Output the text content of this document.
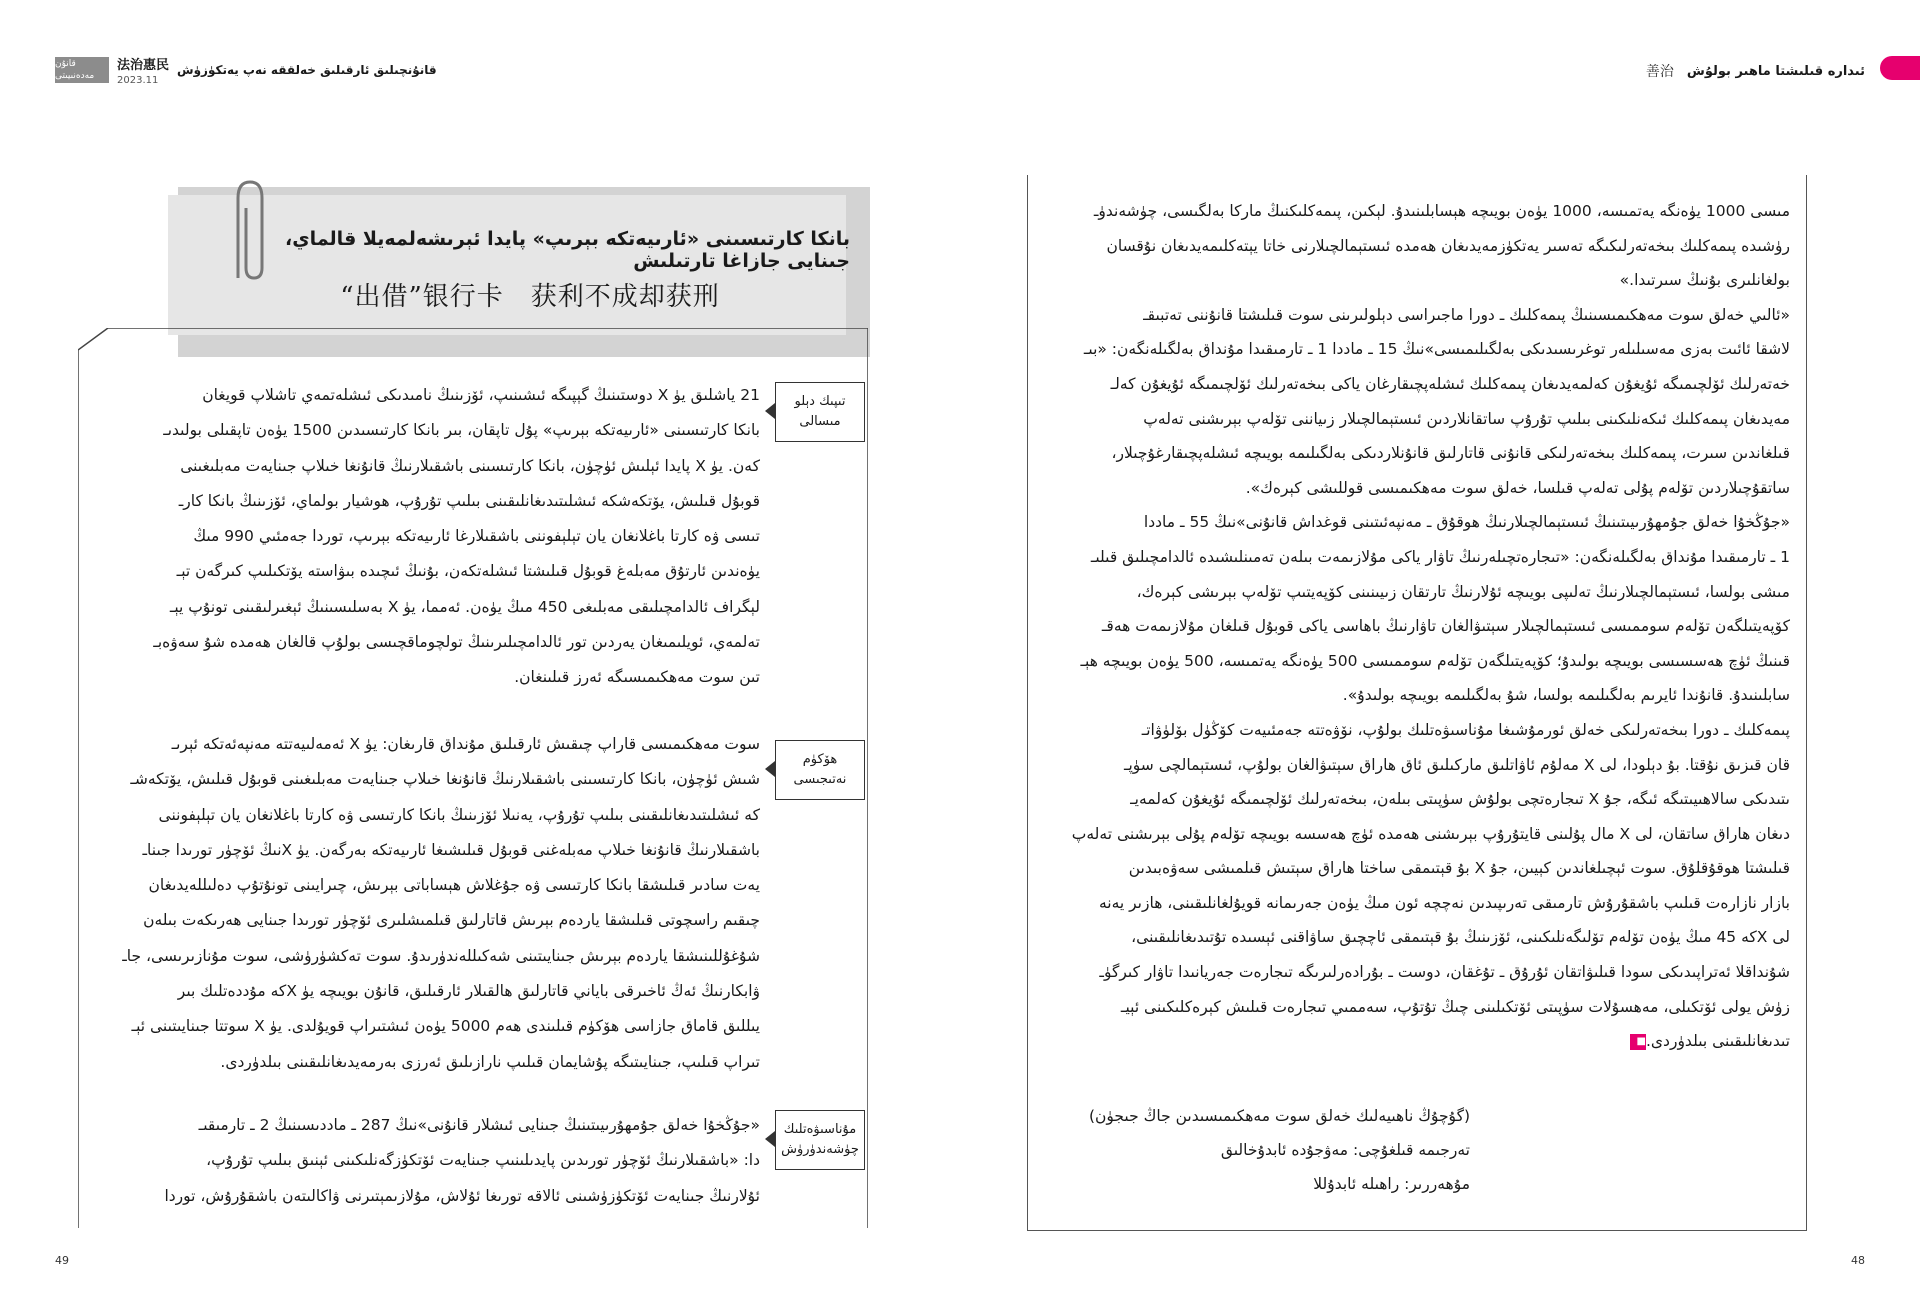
قانۇن مەدەنىيىتى
法治惠民
2023.11
قانۇنچىلىق ئارقىلىق خەلققە نەپ يەتكۈزۈش	善治 ئىدارە قىلىشتا ماھىر بولۇش
بانكا كارتىسىنى «ئارىيەتكە بېرىپ» پايدا ئېرىشەلمەيلا قالماي، جىنايى جازاغا تارتىلىش
“出借”银行卡　获利不成却获刑
تىپىك دېلو مىسالى
ھۆكۈم نەتىجىسى
مۇناسىۋەتلىك چۈشەندۈرۈش
21 ياشلىق يۈ X دوستىنىڭ گېپىگە ئىشىنىپ، ئۆزىنىڭ نامىدىكى ئىشلەتمەي تاشلاپ قويغان
بانكا كارتىسىنى «ئارىيەتكە بېرىپ» پۇل تاپقان، بىر بانكا كارتىسىدىن 1500 يۈەن تاپقىلى بولىدىـ
كەن. يۈ X پايدا ئېلىش ئۈچۈن، بانكا كارتىسىنى باشقىلارنىڭ قانۇنغا خىلاپ جىنايەت مەبلىغىنى
قوبۇل قىلىش، يۆتكەشكە ئىشلىتىدىغانلىقىنى بىلىپ تۇرۇپ، ھوشيار بولماي، ئۆزىنىڭ بانكا كارـ
تىسى ۋە كارتا باغلانغان يان تېلېفوننى باشقىلارغا ئارىيەتكە بېرىپ، توردا جەمئىي 990 مىڭ
يۈەندىن ئارتۇق مەبلەغ قوبۇل قىلىشتا ئىشلەتكەن، بۇنىڭ ئىچىدە بىۋاستە يۆتكىلىپ كىرگەن تېـ
لېگراف ئالدامچىلىقى مەبلىغى 450 مىڭ يۈەن. ئەمما، يۈ X بەسلىسىنىڭ ئېغىرلىقىنى تونۇپ يېـ
تەلمەي، ئويلىمىغان يەردىن تور ئالدامچىلىرىنىڭ تولچوماقچىسى بولۇپ قالغان ھەمدە شۇ سەۋەبـ
تىن سوت مەھكىمىسىگە ئەرز قىلىنغان.
سوت مەھكىمىسى قاراپ چىقىش ئارقىلىق مۇنداق قارىغان: يۈ X ئەمەلىيەتتە مەنپەئەتكە ئېرىـ
شىش ئۈچۈن، بانكا كارتىسىنى باشقىلارنىڭ قانۇنغا خىلاپ جىنايەت مەبلىغىنى قوبۇل قىلىش، يۆتكەشـ
كە ئىشلىتىدىغانلىقىنى بىلىپ تۇرۇپ، يەنىلا ئۆزىنىڭ بانكا كارتىسى ۋە كارتا باغلانغان يان تېلېفوننى
باشقىلارنىڭ قانۇنغا خىلاپ مەبلەغنى قوبۇل قىلىشىغا ئارىيەتكە بەرگەن. يۈ Xنىڭ ئۆچۈر تورىدا جىناـ
يەت سادىر قىلىشقا بانكا كارتىسى ۋە جۇغلاش ھېساباتى بېرىش، چىرايىنى تونۇتۇپ دەلىللەيدىغان
چىقىم راسچوتى قىلىشقا ياردەم بېرىش قاتارلىق قىلمىشلىرى ئۆچۈر تورىدا جىنايى ھەرىكەت بىلەن
شۇغۇللىنىشقا ياردەم بېرىش جىنايىتىنى شەكىللەندۈرىدۇ. سوت تەكشۈرۈشى، سوت مۇنازىرىسى، جاـ
ۋابكارنىڭ ئەڭ ئاخىرقى باياني قاتارلىق ھالقىلار ئارقىلىق، قانۇن بويىچە يۈ Xكە مۇددەتلىك بىر
يىللىق قاماق جازاسى ھۆكۈم قىلىندى ھەم 5000 يۈەن ئىشتىراپ قويۇلدى. يۈ X سوتتا جىنايىتىنى ئېـ
تىراپ قىلىپ، جىنايىتىگە پۇشايمان قىلىپ نارازىلىق ئەرزى بەرمەيدىغانلىقىنى بىلدۈردى.
«جۇڭخۇا خەلق جۇمھۇرىيىتىنىڭ جىنايى ئىشلار قانۇنى»نىڭ 287 ـ ماددىسىنىڭ 2 ـ تارمىقىـ
دا: «باشقىلارنىڭ ئۆچۈر تورىدىن پايدىلىنىپ جىنايەت ئۆتكۈزگەنلىكىنى ئېنىق بىلىپ تۇرۇپ،
ئۇلارنىڭ جىنايەت ئۆتكۈزۈشىنى ئالاقە تورىغا ئۇلاش، مۇلازىمېتىرنى ۋاكالىتەن باشقۇرۇش، توردا
مىسى 1000 يۈەنگە يەتمىسە، 1000 يۈەن بويىچە ھېسابلىنىدۇ. لېكىن، پىمەكلىكنىڭ ماركا بەلگىسى، چۈشەندۈـ
رۈشىدە پىمەكلىك بىخەتەرلىكىگە تەسىر يەتكۈزمەيدىغان ھەمدە ئىستېمالچىلارنى خاتا يېتەكلىمەيدىغان نۇقسان
بولغانلىرى بۇنىڭ سىرتىدا.»
«ئالىي خەلق سوت مەھكىمىسىنىڭ پىمەكلىك ـ دورا ماجىراسى دېلولىرىنى سوت قىلىشتا قانۇننى تەتبىقـ
لاشقا ئائىت بەزى مەسىلىلەر توغرىسىدىكى بەلگىلىمىسى»نىڭ 15 ـ ماددا 1 ـ تارمىقىدا مۇنداق بەلگىلەنگەن: «بىـ
خەتەرلىك ئۆلچىمىگە ئۇيغۇن كەلمەيدىغان پىمەكلىك ئىشلەپچىقارغان ياكى بىخەتەرلىك ئۆلچىمىگە ئۇيغۇن كەلـ
مەيدىغان پىمەكلىك ئىكەنلىكىنى بىلىپ تۇرۇپ ساتقانلاردىن ئىستېمالچىلار زىياننى تۆلەپ بېرىشنى تەلەپ
قىلغاندىن سىرت، پىمەكلىك بىخەتەرلىكى قانۇنى قاتارلىق قانۇنلاردىكى بەلگىلىمە بويىچە ئىشلەپچىقارغۇچىلار،
ساتقۇچىلاردىن تۆلەم پۇلى تەلەپ قىلسا، خەلق سوت مەھكىمىسى قوللىشى كېرەك».
«جۇڭخۇا خەلق جۇمھۇرىيىتىنىڭ ئىستېمالچىلارنىڭ ھوقۇق ـ مەنپەئىتىنى قوغداش قانۇنى»نىڭ 55 ـ ماددا
1 ـ تارمىقىدا مۇنداق بەلگىلەنگەن: «تىجارەتچىلەرنىڭ تاۋار ياكى مۇلازىمەت بىلەن تەمىنلىشىدە ئالدامچىلىق قىلىـ
مىشى بولسا، ئىستېمالچىلارنىڭ تەلىپى بويىچە ئۇلارنىڭ تارتقان زىيىنىنى كۆپەيتىپ تۆلەپ بېرىشى كېرەك،
كۆپەيتىلگەن تۆلەم سوممىسى ئىستېمالچىلار سېتىۋالغان تاۋارنىڭ باھاسى ياكى قوبۇل قىلغان مۇلازىمەت ھەقـ
قىنىڭ ئۈچ ھەسسىسى بويىچە بولىدۇ؛ كۆپەيتىلگەن تۆلەم سوممىسى 500 يۈەنگە يەتمىسە، 500 يۈەن بويىچە ھېـ
سابلىنىدۇ. قانۇندا ئايرىم بەلگىلىمە بولسا، شۇ بەلگىلىمە بويىچە بولىدۇ».
پىمەكلىك ـ دورا بىخەتەرلىكى خەلق ئورمۇشىغا مۇناسىۋەتلىك بولۇپ، نۆۋەتتە جەمئىيەت كۆڭۈل بۆلۈۋاتـ
قان قىزىق نۇقتا. بۇ دېلودا، لى X مەلۇم ئاۋاتلىق ماركىلىق ئاق ھاراق سېتىۋالغان بولۇپ، ئىستېمالچى سۈپـ
ىتىدىكى سالاھىيىتىگە ئىگە، جۇ X تىجارەتچى بولۇش سۈپىتى بىلەن، بىخەتەرلىك ئۆلچىمىگە ئۇيغۇن كەلمەيـ
دىغان ھاراق ساتقان، لى X مال پۇلىنى قايتۇرۇپ بېرىشنى ھەمدە ئۈچ ھەسسە بويىچە تۆلەم پۇلى بېرىشنى تەلەپ
قىلىشتا ھوقۇقلۇق. سوت ئېچىلغاندىن كېيىن، جۇ X بۇ قېتىمقى ساختا ھاراق سېتىش قىلمىشى سەۋەبىدىن
بازار نازارەت قىلىپ باشقۇرۇش تارمىقى تەرىپىدىن نەچچە ئون مىڭ يۈەن جەرىمانە قويۇلغانلىقىنى، ھازىر يەنە
لى Xكە 45 مىڭ يۈەن تۆلەم تۆلىگەنلىكىنى، ئۆزىنىڭ بۇ قېتىمقى ئاچچىق ساۋاقنى ئېسىدە تۇتىدىغانلىقىنى،
شۇنداقلا ئەتراپىدىكى سودا قىلىۋاتقان ئۇرۇق ـ تۇغقان، دوست ـ بۇرادەرلىرىگە تىجارەت جەريانىدا تاۋار كىرگۈـ
زۈش يولى ئۆتكىلى، مەھسۇلات سۈپىتى ئۆتكىلىنى چىڭ تۇتۇپ، سەممىي تىجارەت قىلىش كېرەكلىكىنى ئېيـ
تىدىغانلىقىنى بىلدۈردى.■
(گۇچۇڭ ناھىيەلىك خەلق سوت مەھكىمىسىدىن جاڭ جىجۈن)
تەرجىمە قىلغۇچى: مەۋجۇدە ئابدۇخالىق
مۇھەررىر: راھىلە ئابدۇللا
49	48
